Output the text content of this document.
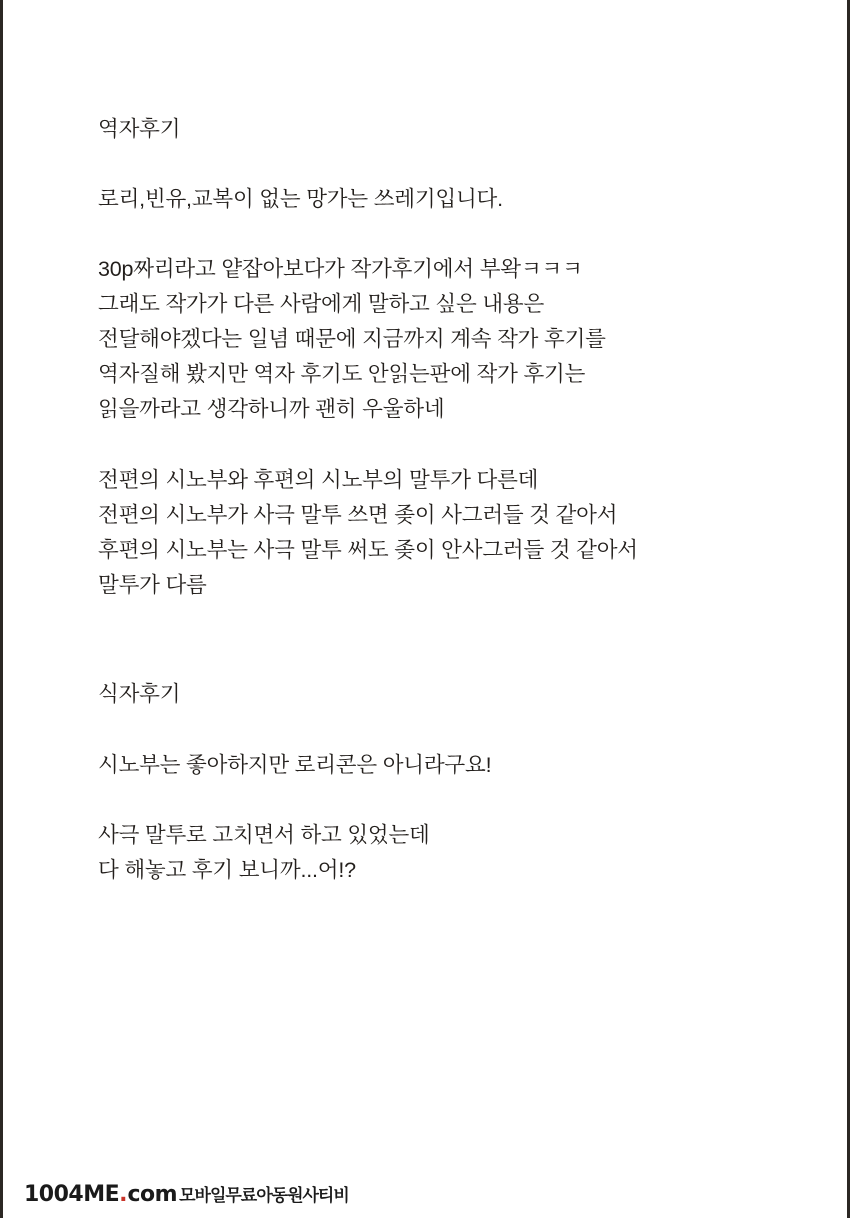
역자후기
로리,빈유,교복이 없는 망가는 쓰레기입니다.
30p짜리라고 얕잡아보다가 작가후기에서 부왁ㅋㅋㅋ
그래도 작가가 다른 사람에게 말하고 싶은 내용은
전달해야겠다는 일념 때문에 지금까지 계속 작가 후기를
역자질해 봤지만 역자 후기도 안읽는판에 작가 후기는
읽을까라고 생각하니까 괜히 우울하네
전편의 시노부와 후편의 시노부의 말투가 다른데
전편의 시노부가 사극 말투 쓰면 좆이 사그러들 것 같아서
후편의 시노부는 사극 말투 써도 좆이 안사그러들 것 같아서
말투가 다름
식자후기
시노부는 좋아하지만 로리콘은 아니라구요!
사극 말투로 고치면서 하고 있었는데
다 해놓고 후기 보니까...어!?
1004ME . com 모바일무료아동원사티비
